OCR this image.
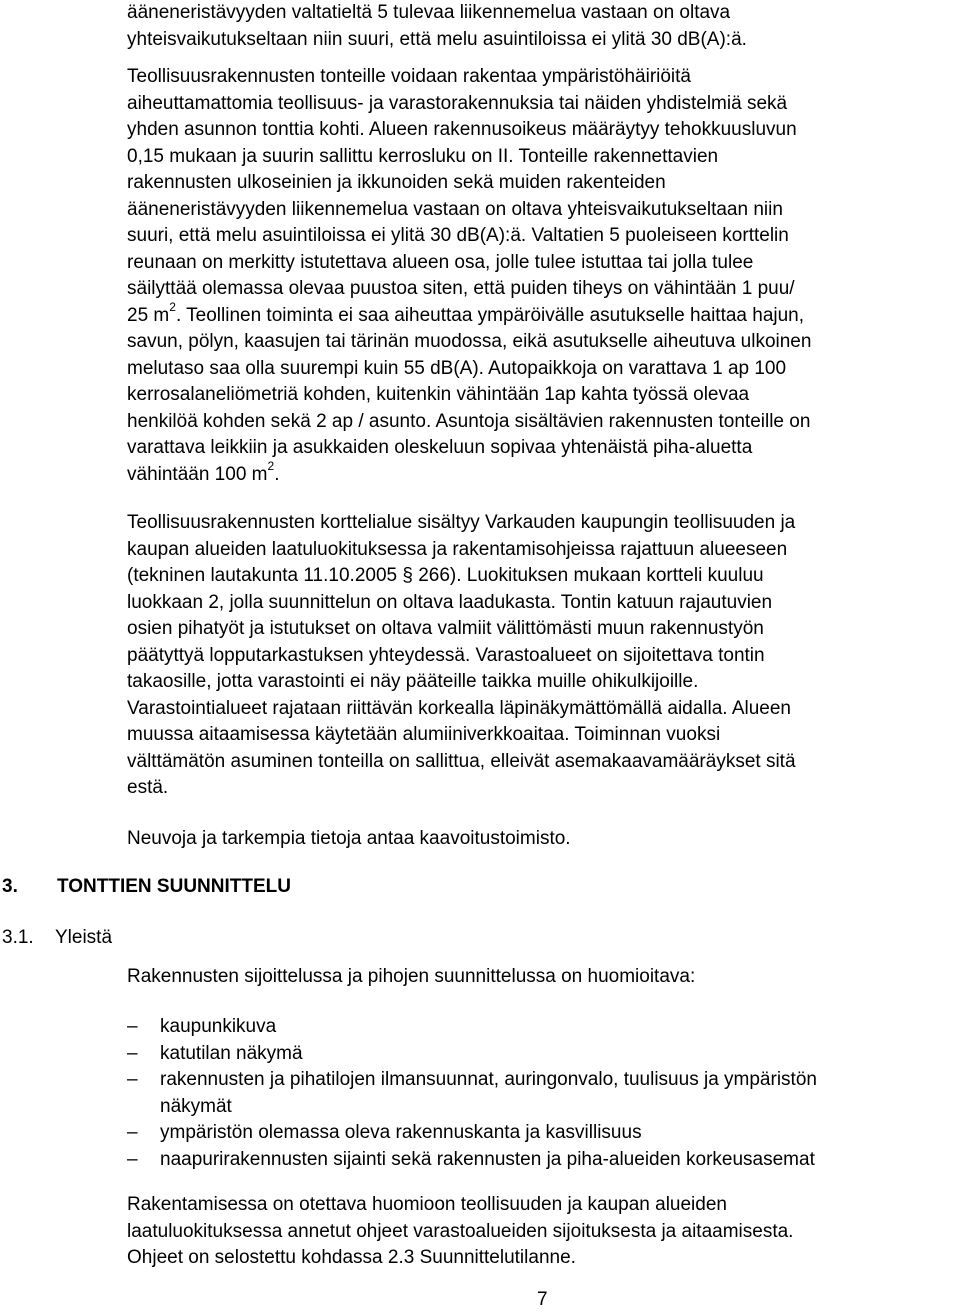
ääneneristävyyden valtatieltä 5 tulevaa liikennemelua vastaan on oltava
yhteisvaikutukseltaan niin suuri, että melu asuintiloissa ei ylitä 30 dB(A):ä.

Teollisuusrakennusten tonteille voidaan rakentaa ympäristöhäiriöitä
aiheuttamattomia teollisuus- ja varastorakennuksia tai näiden yhdistelmiä sekä
yhden asunnon tonttia kohti. Alueen rakennusoikeus määräytyy tehokkuusluvun
0,15 mukaan ja suurin sallittu kerrosluku on II. Tonteille rakennettavien
rakennusten ulkoseinien ja ikkunoiden sekä muiden rakenteiden
ääneneristävyyden liikennemelua vastaan on oltava yhteisvaikutukseltaan niin
suuri, että melu asuintiloissa ei ylitä 30 dB(A):ä. Valtatien 5 puoleiseen korttelin
reunaan on merkitty istutettava alueen osa, jolle tulee istuttaa tai jolla tulee
säilyttää olemassa olevaa puustoa siten, että puiden tiheys on vähintään 1 puu/
25 $m^2$. Teollinen toiminta ei saa aiheuttaa ympäröivälle asutukselle haittaa hajun,
savun, pölyn, kaasujen tai tärinän muodossa, eikä asutukselle aiheutuva ulkoinen
melutaso saa olla suurempi kuin 55 dB(A). Autopaikkoja on varattava 1 ap 100
kerrosalaneliömetriä kohden, kuitenkin vähintään 1ap kahta työssä olevaa
henkilöä kohden sekä 2 ap / asunto. Asuntoja sisältävien rakennusten tonteille on
varattava leikkiin ja asukkaiden oleskeluun sopivaa yhtenäistä piha-aluetta
vähintään 100 $m^2$.

Teollisuusrakennusten korttelialue sisältyy Varkauden kaupungin teollisuuden ja
kaupan alueiden laatuluokituksessa ja rakentamisohjeissa rajattuun alueeseen
(tekninen lautakunta 11.10.2005 § 266). Luokituksen mukaan kortteli kuuluu
luokkaan 2, jolla suunnittelun on oltava laadukasta. Tontin katuun rajautuvien
osien pihatyöt ja istutukset on oltava valmiit välittömästi muun rakennustyön
päätyttyä lopputarkastuksen yhteydessä. Varastoalueet on sijoitettava tontin
takaosille, jotta varastointi ei näy pääteille taikka muille ohikulkijoille.
Varastointialueet rajataan riittävän korkealla läpinäkymättömällä aidalla. Alueen
muussa aitaamisessa käytetään alumiiniverkkoaitaa. Toiminnan vuoksi
välttämätön asuminen tonteilla on sallittua, elleivät asemakaavamääräykset sitä
estä.

Neuvoja ja tarkempia tietoja antaa kaavoitustoimisto.

3. TONTTIEN SUUNNITTELU
3.1. Yleistä

Rakennusten sijoittelussa ja pihojen suunnittelussa on huomioitava:

– kaupunkikuva
– katutilan näkymä
– rakennusten ja pihatilojen ilmansuunnat, auringonvalo, tuulisuus ja ympäristön
näkymät
– ympäristön olemassa oleva rakennuskanta ja kasvillisuus
– naapurirakennusten sijainti sekä rakennusten ja piha-alueiden korkeusasemat

Rakentamisessa on otettava huomioon teollisuuden ja kaupan alueiden
laatuluokituksessa annetut ohjeet varastoalueiden sijoituksesta ja aitaamisesta.
Ohjeet on selostettu kohdassa 2.3 Suunnittelutilanne.

7
